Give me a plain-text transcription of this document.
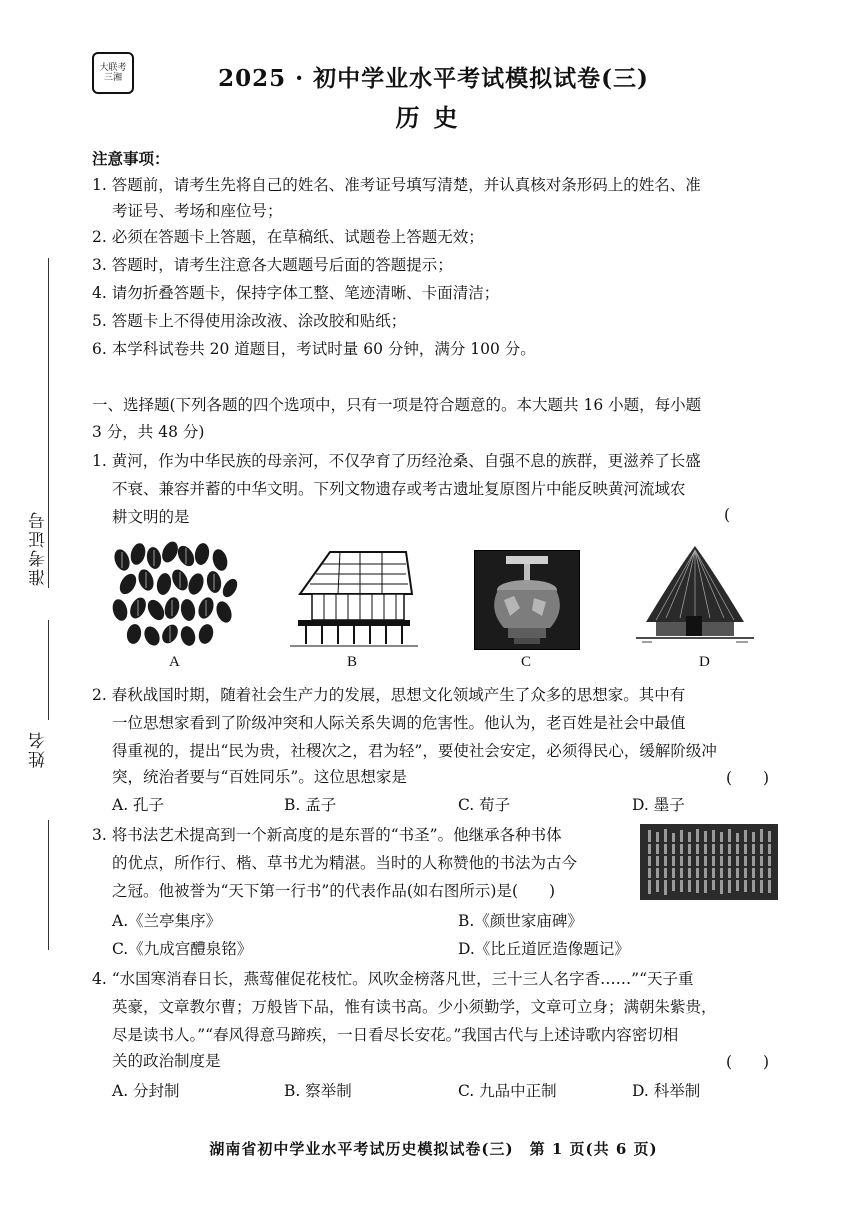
大联考三湘	2025 · 初中学业水平考试模拟试卷(三)
历史
准考证号
姓名
注意事项：
1. 答题前，请考生先将自己的姓名、准考证号填写清楚，并认真核对条形码上的姓名、准
考证号、考场和座位号；
2. 必须在答题卡上答题，在草稿纸、试题卷上答题无效；
3. 答题时，请考生注意各大题题号后面的答题提示；
4. 请勿折叠答题卡，保持字体工整、笔迹清晰、卡面清洁；
5. 答题卡上不得使用涂改液、涂改胶和贴纸；
6. 本学科试卷共 20 道题目，考试时量 60 分钟，满分 100 分。
一、选择题(下列各题的四个选项中，只有一项是符合题意的。本大题共 16 小题，每小题
3 分，共 48 分)
1. 黄河，作为中华民族的母亲河，不仅孕育了历经沧桑、自强不息的族群，更滋养了长盛
不衰、兼容并蓄的中华文明。下列文物遗存或考古遗址复原图片中能反映黄河流域农
耕文明的是	(
A	B	C	D
2. 春秋战国时期，随着社会生产力的发展，思想文化领域产生了众多的思想家。其中有
一位思想家看到了阶级冲突和人际关系失调的危害性。他认为，老百姓是社会中最值
得重视的，提出“民为贵，社稷次之，君为轻”，要使社会安定，必须得民心，缓解阶级冲
突，统治者要与“百姓同乐”。这位思想家是	(　　)
A. 孔子	B. 孟子	C. 荀子	D. 墨子
3. 将书法艺术提高到一个新高度的是东晋的“书圣”。他继承各种书体
的优点，所作行、楷、草书尤为精湛。当时的人称赞他的书法为古今
之冠。他被誉为“天下第一行书”的代表作品(如右图所示)是(　　)
A.《兰亭集序》	B.《颜世家庙碑》
C.《九成宫醴泉铭》	D.《比丘道匠造像题记》
4. “水国寒消春日长，燕莺催促花枝忙。风吹金榜落凡世，三十三人名字香……”“天子重
英豪，文章教尔曹；万般皆下品，惟有读书高。少小须勤学，文章可立身；满朝朱紫贵，
尽是读书人。”“春风得意马蹄疾，一日看尽长安花。”我国古代与上述诗歌内容密切相
关的政治制度是	(　　)
A. 分封制	B. 察举制	C. 九品中正制	D. 科举制
湖南省初中学业水平考试历史模拟试卷(三)　第 1 页(共 6 页)
